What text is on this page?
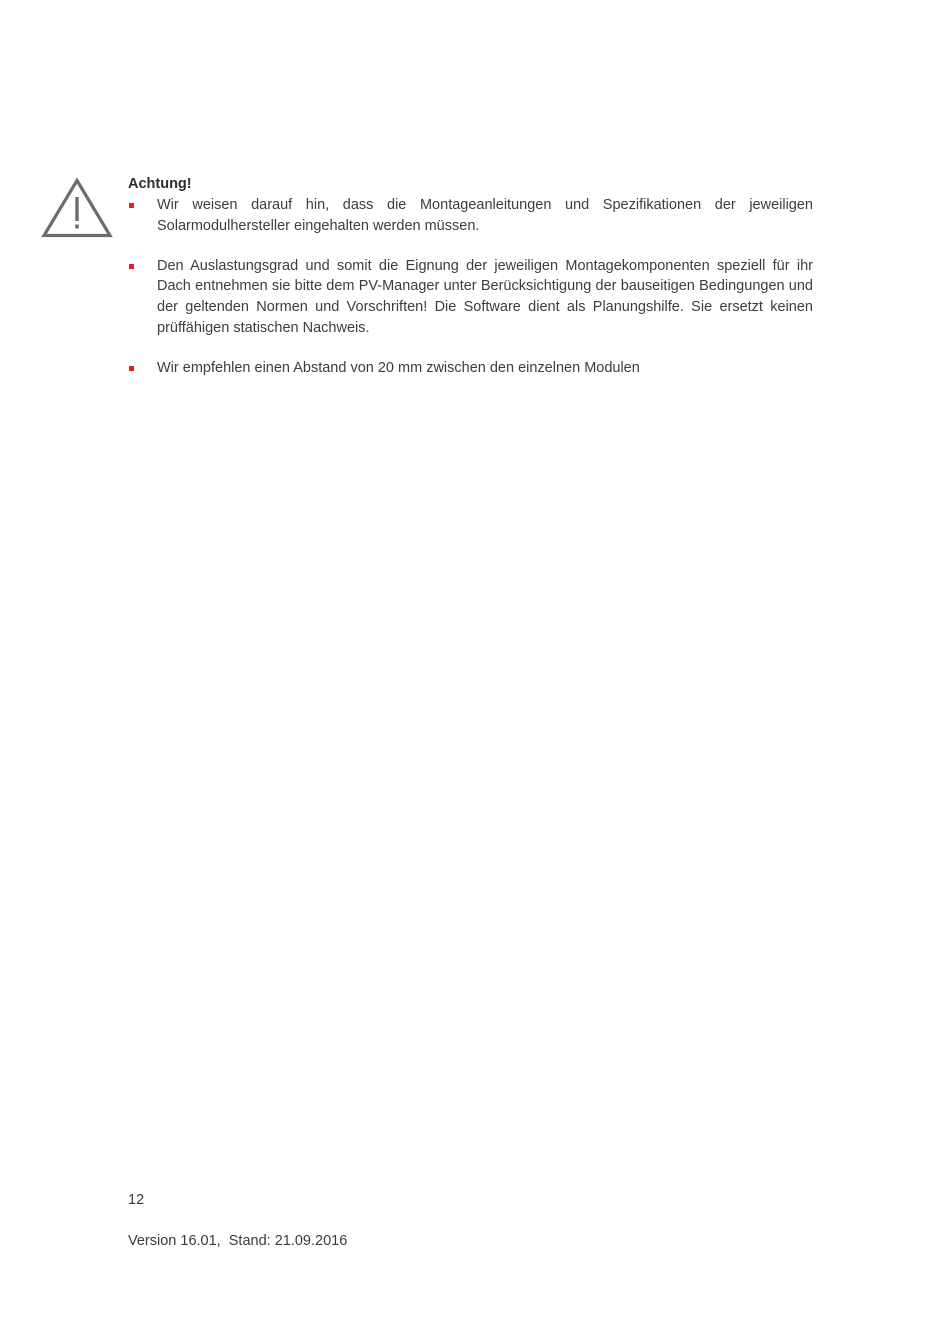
Achtung!
Wir weisen darauf hin, dass die Montageanleitungen und Spezifikationen der jeweiligen Solarmodulhersteller eingehalten werden müssen.
Den Auslastungsgrad und somit die Eignung der jeweiligen Montagekomponenten speziell für ihr Dach entnehmen sie bitte dem PV-Manager unter Berücksichtigung der bauseitigen Bedingungen und der geltenden Normen und Vorschriften! Die Software dient als Planungshilfe. Sie ersetzt keinen prüffähigen statischen Nachweis.
Wir empfehlen einen Abstand von 20 mm zwischen den einzelnen Modulen
12
Version 16.01,  Stand: 21.09.2016
